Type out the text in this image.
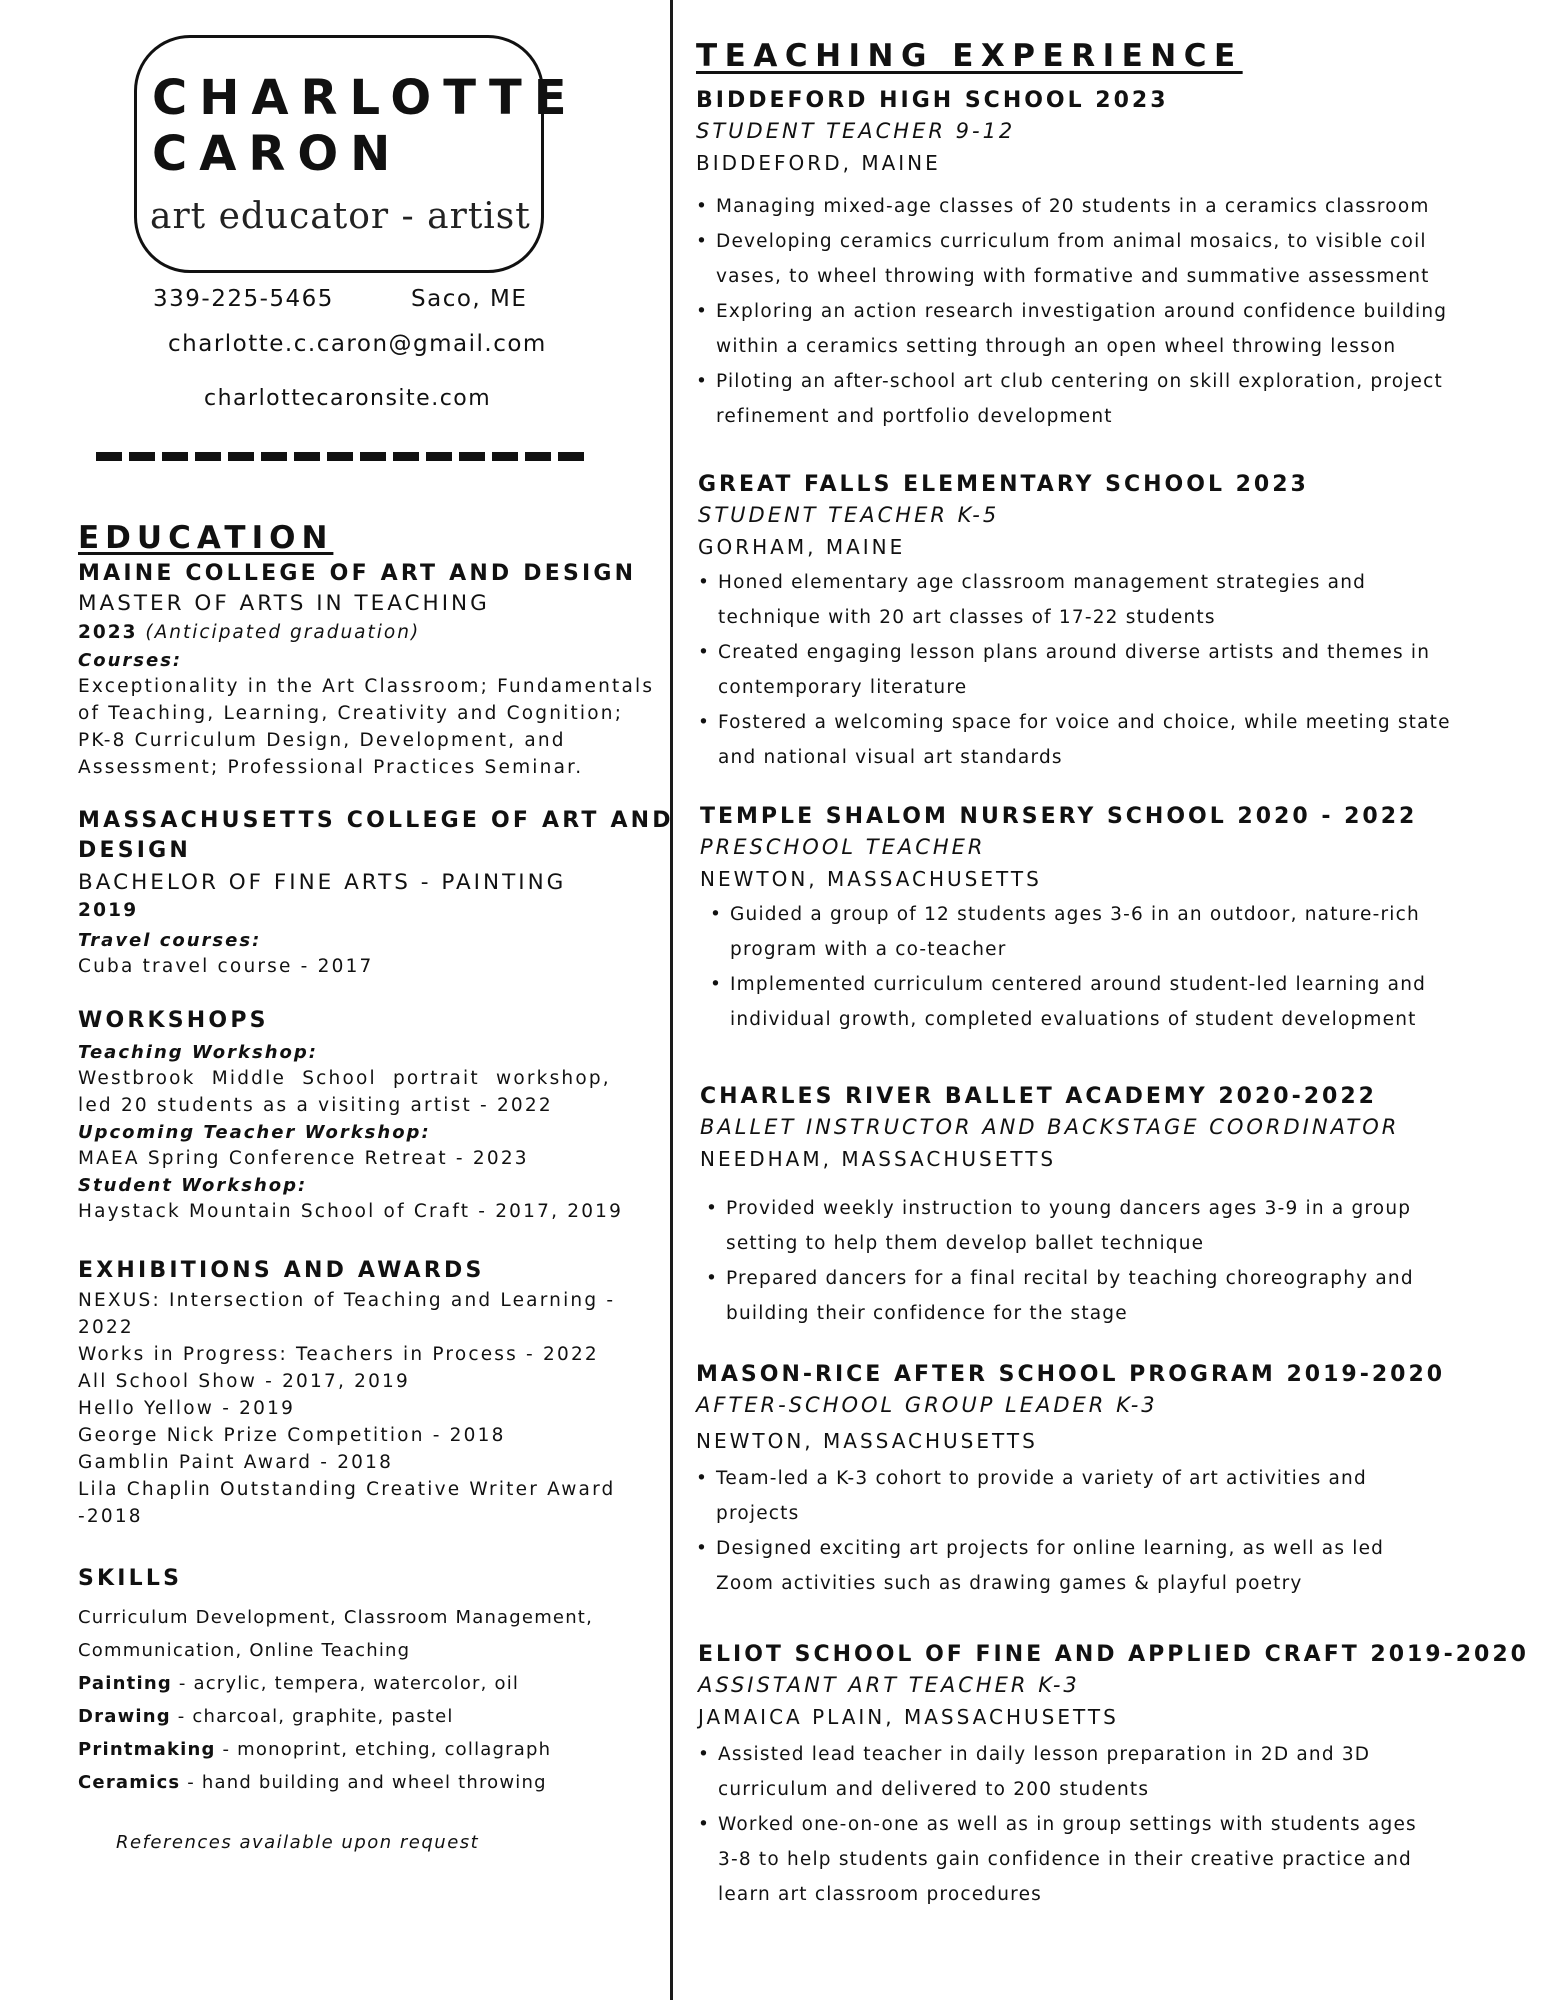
CHARLOTTE
CARON
art educator - artist
339-225-5465	Saco, ME
charlotte.c.caron@gmail.com
charlottecaronsite.com
EDUCATION
MAINE COLLEGE OF ART AND DESIGN
MASTER OF ARTS IN TEACHING
2023 (Anticipated graduation)
Courses:
Exceptionality in the Art Classroom; Fundamentals
of Teaching, Learning, Creativity and Cognition;
PK-8 Curriculum Design, Development, and
Assessment; Professional Practices Seminar.
MASSACHUSETTS COLLEGE OF ART AND
DESIGN
BACHELOR OF FINE ARTS - PAINTING
2019
Travel courses:
Cuba travel course - 2017
WORKSHOPS
Teaching Workshop:
Westbrook  Middle  School  portrait  workshop,
led 20 students as a visiting artist - 2022
Upcoming Teacher Workshop:
MAEA Spring Conference Retreat - 2023
Student Workshop:
Haystack Mountain School of Craft - 2017, 2019
EXHIBITIONS AND AWARDS
NEXUS: Intersection of Teaching and Learning -
2022
Works in Progress: Teachers in Process - 2022
All School Show - 2017, 2019
Hello Yellow - 2019
George Nick Prize Competition - 2018
Gamblin Paint Award - 2018
Lila Chaplin Outstanding Creative Writer Award
-2018
SKILLS
Curriculum Development, Classroom Management,
Communication, Online Teaching
Painting - acrylic, tempera, watercolor, oil
Drawing - charcoal, graphite, pastel
Printmaking - monoprint, etching, collagraph
Ceramics - hand building and wheel throwing
References available upon request
TEACHING EXPERIENCE
BIDDEFORD HIGH SCHOOL 2023
STUDENT TEACHER 9-12
BIDDEFORD, MAINE
• Managing mixed-age classes of 20 students in a ceramics classroom
• Developing ceramics curriculum from animal mosaics, to visible coil vases, to wheel throwing with formative and summative assessment
• Exploring an action research investigation around confidence building within a ceramics setting through an open wheel throwing lesson
• Piloting an after-school art club centering on skill exploration, project refinement and portfolio development
GREAT FALLS ELEMENTARY SCHOOL 2023
STUDENT TEACHER K-5
GORHAM, MAINE
• Honed elementary age classroom management strategies and technique with 20 art classes of 17-22 students
• Created engaging lesson plans around diverse artists and themes in contemporary literature
• Fostered a welcoming space for voice and choice, while meeting state and national visual art standards
TEMPLE SHALOM NURSERY SCHOOL 2020 - 2022
PRESCHOOL TEACHER
NEWTON, MASSACHUSETTS
• Guided a group of 12 students ages 3-6 in an outdoor, nature-rich program with a co-teacher
• Implemented curriculum centered around student-led learning and individual growth, completed evaluations of student development
CHARLES RIVER BALLET ACADEMY 2020-2022
BALLET INSTRUCTOR AND BACKSTAGE COORDINATOR
NEEDHAM, MASSACHUSETTS
• Provided weekly instruction to young dancers ages 3-9 in a group setting to help them develop ballet technique
• Prepared dancers for a final recital by teaching choreography and building their confidence for the stage
MASON-RICE AFTER SCHOOL PROGRAM 2019-2020
AFTER-SCHOOL GROUP LEADER K-3
NEWTON, MASSACHUSETTS
• Team-led a K-3 cohort to provide a variety of art activities and projects
• Designed exciting art projects for online learning, as well as led Zoom activities such as drawing games & playful poetry
ELIOT SCHOOL OF FINE AND APPLIED CRAFT 2019-2020
ASSISTANT ART TEACHER K-3
JAMAICA PLAIN, MASSACHUSETTS
• Assisted lead teacher in daily lesson preparation in 2D and 3D curriculum and delivered to 200 students
• Worked one-on-one as well as in group settings with students ages 3-8 to help students gain confidence in their creative practice and learn art classroom procedures
